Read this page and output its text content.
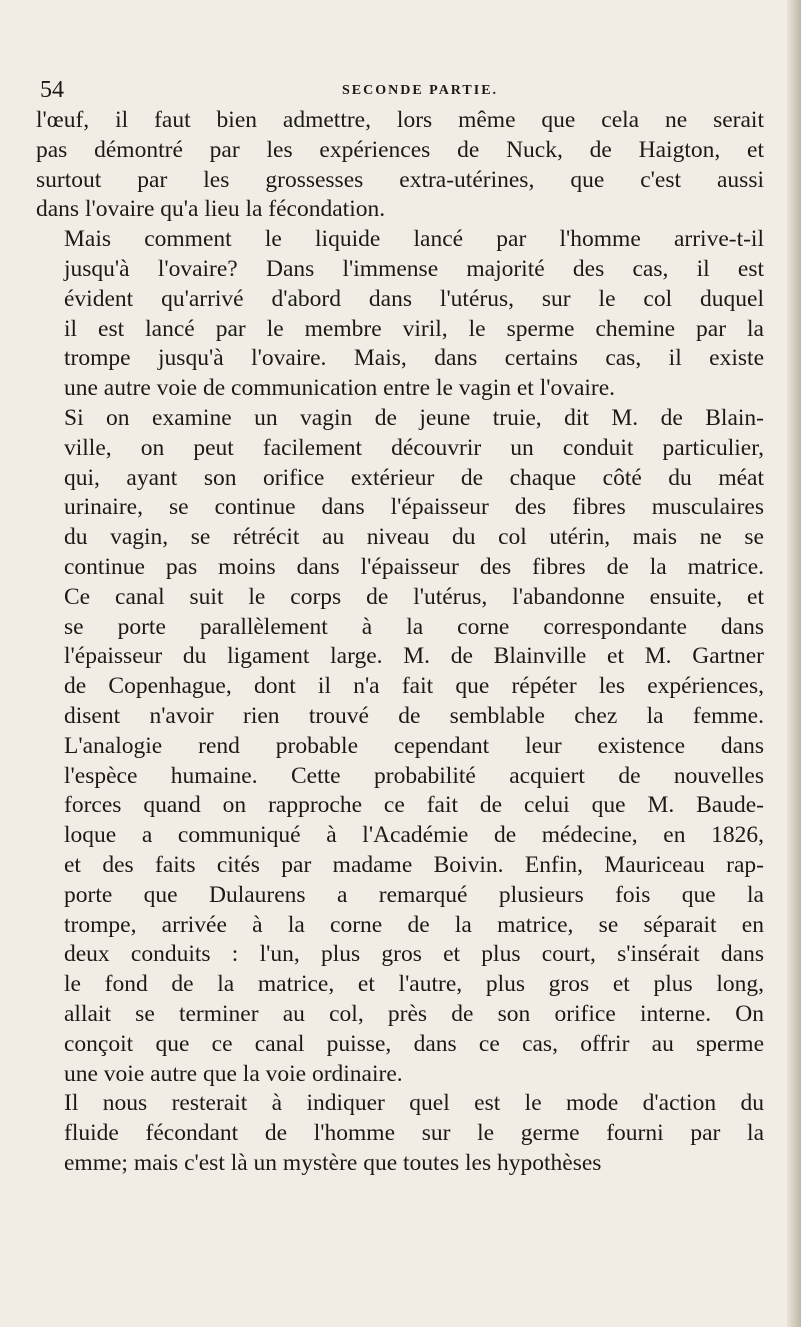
54	SECONDE PARTIE.

l'œuf, il faut bien admettre, lors même que cela ne serait
pas démontré par les expériences de Nuck, de Haigton, et
surtout par les grossesses extra-utérines, que c'est aussi
dans l'ovaire qu'a lieu la fécondation.

Mais comment le liquide lancé par l'homme arrive-t-il
jusqu'à l'ovaire? Dans l'immense majorité des cas, il est
évident qu'arrivé d'abord dans l'utérus, sur le col duquel
il est lancé par le membre viril, le sperme chemine par la
trompe jusqu'à l'ovaire. Mais, dans certains cas, il existe
une autre voie de communication entre le vagin et l'ovaire.

Si on examine un vagin de jeune truie, dit M. de Blain-
ville, on peut facilement découvrir un conduit particulier,
qui, ayant son orifice extérieur de chaque côté du méat
urinaire, se continue dans l'épaisseur des fibres musculaires
du vagin, se rétrécit au niveau du col utérin, mais ne se
continue pas moins dans l'épaisseur des fibres de la matrice.
Ce canal suit le corps de l'utérus, l'abandonne ensuite, et
se porte parallèlement à la corne correspondante dans
l'épaisseur du ligament large. M. de Blainville et M. Gartner
de Copenhague, dont il n'a fait que répéter les expériences,
disent n'avoir rien trouvé de semblable chez la femme.
L'analogie rend probable cependant leur existence dans
l'espèce humaine. Cette probabilité acquiert de nouvelles
forces quand on rapproche ce fait de celui que M. Baude-
loque a communiqué à l'Académie de médecine, en 1826,
et des faits cités par madame Boivin. Enfin, Mauriceau rap-
porte que Dulaurens a remarqué plusieurs fois que la
trompe, arrivée à la corne de la matrice, se séparait en
deux conduits : l'un, plus gros et plus court, s'insérait dans
le fond de la matrice, et l'autre, plus gros et plus long,
allait se terminer au col, près de son orifice interne. On
conçoit que ce canal puisse, dans ce cas, offrir au sperme
une voie autre que la voie ordinaire.

Il nous resterait à indiquer quel est le mode d'action du
fluide fécondant de l'homme sur le germe fourni par la
emme; mais c'est là un mystère que toutes les hypothèses
